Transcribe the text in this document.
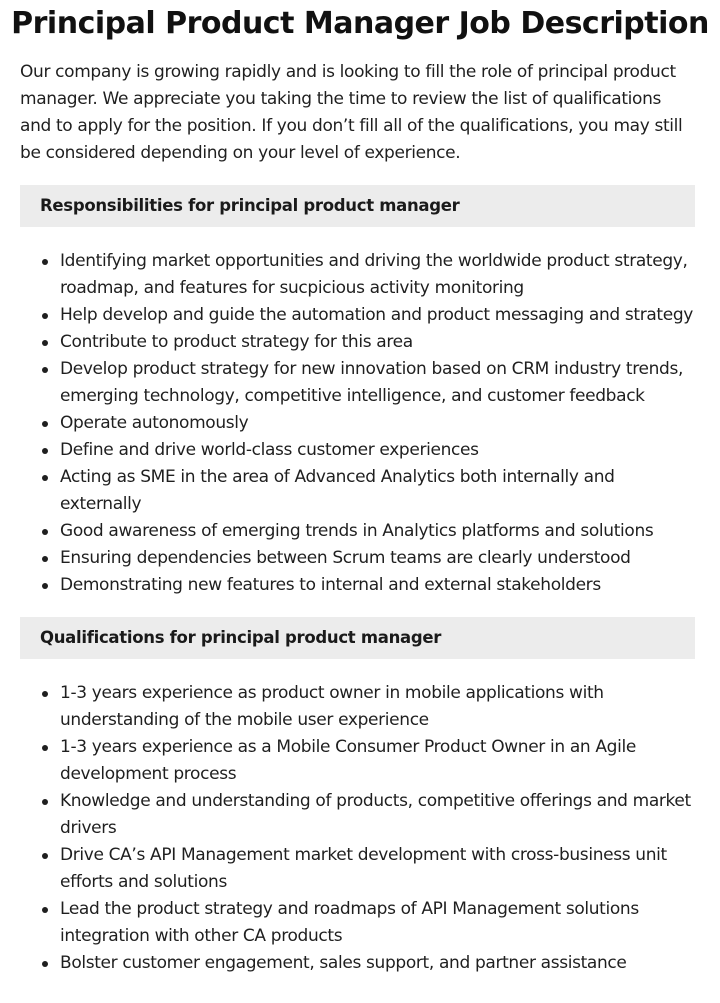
Principal Product Manager Job Description

Our company is growing rapidly and is looking to fill the role of principal product manager. We appreciate you taking the time to review the list of qualifications and to apply for the position. If you don’t fill all of the qualifications, you may still be considered depending on your level of experience.

Responsibilities for principal product manager
Identifying market opportunities and driving the worldwide product strategy, roadmap, and features for sucpicious activity monitoring
Help develop and guide the automation and product messaging and strategy
Contribute to product strategy for this area
Develop product strategy for new innovation based on CRM industry trends, emerging technology, competitive intelligence, and customer feedback
Operate autonomously
Define and drive world-class customer experiences
Acting as SME in the area of Advanced Analytics both internally and externally
Good awareness of emerging trends in Analytics platforms and solutions
Ensuring dependencies between Scrum teams are clearly understood
Demonstrating new features to internal and external stakeholders
Qualifications for principal product manager
1-3 years experience as product owner in mobile applications with understanding of the mobile user experience
1-3 years experience as a Mobile Consumer Product Owner in an Agile development process
Knowledge and understanding of products, competitive offerings and market drivers
Drive CA’s API Management market development with cross-business unit efforts and solutions
Lead the product strategy and roadmaps of API Management solutions integration with other CA products
Bolster customer engagement, sales support, and partner assistance
